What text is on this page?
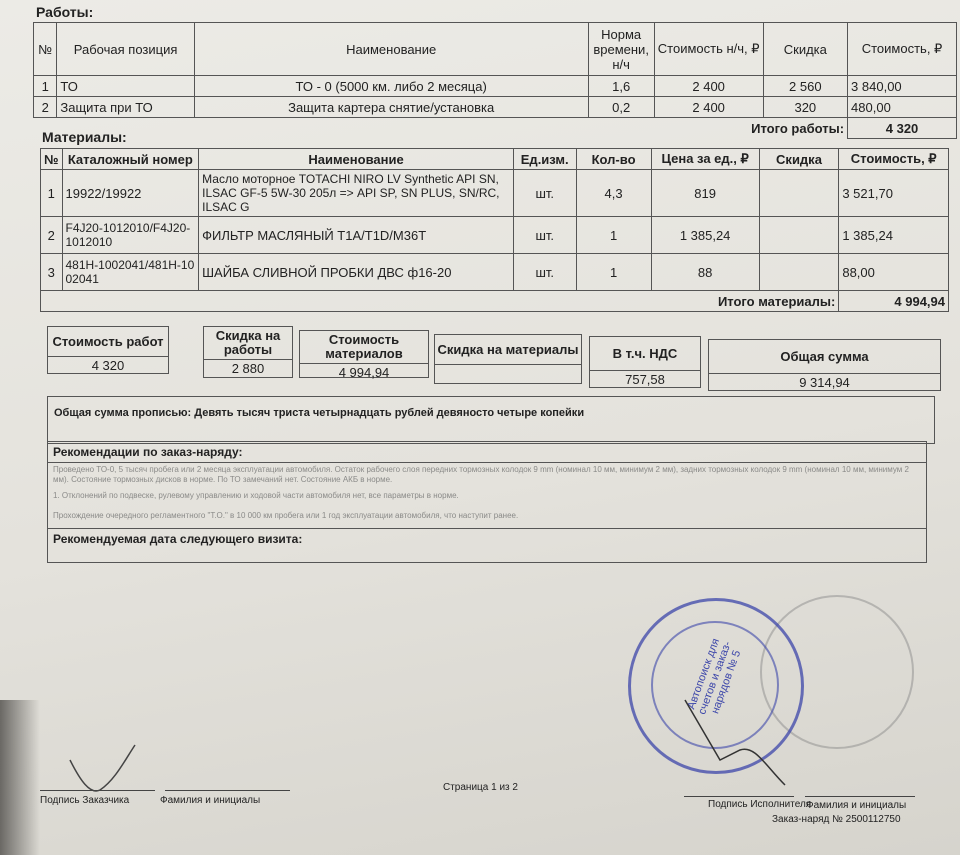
Работы:
№	Рабочая позиция	Наименование	Норма времени, н/ч	Стоимость н/ч, ₽	Скидка	Стоимость, ₽
1	ТО	ТО - 0 (5000 км. либо 2 месяца)	1,6	2 400	2 560	3 840,00
2	Защита при ТО	Защита картера снятие/установка	0,2	2 400	320	480,00
Итого работы:						4 320
Материалы:
№	Каталожный номер	Наименование	Ед.изм.	Кол-во	Цена за ед., ₽	Скидка	Стоимость, ₽
1	19922/19922	Масло моторное TOTACHI NIRO LV Synthetic API SN, ILSAC GF-5 5W-30 205л => API SP, SN PLUS, SN/RC, ILSAC G	шт.	4,3	819		3 521,70
2	F4J20-1012010/F4J20-1012010	ФИЛЬТР МАСЛЯНЫЙ T1A/T1D/M36T	шт.	1	1 385,24		1 385,24
3	481H-1002041/481H-1002041	ШАЙБА СЛИВНОЙ ПРОБКИ ДВС ф16-20	шт.	1	88		88,00
Итого материалы:							4 994,94
Стоимость работ
4 320
Скидка на работы
2 880
Стоимость материалов
4 994,94
Скидка на материалы	В т.ч. НДС
757,58
Общая сумма
9 314,94
Общая сумма прописью: Девять тысяч триста четырнадцать рублей девяносто четыре копейки
Рекомендации по заказ-наряду:
Проведено ТО-0, 5 тысяч пробега или 2 месяца эксплуатации автомобиля. Остаток рабочего слоя передних тормозных колодок 9 mm (номинал 10 мм, минимум 2 мм), задних тормозных колодок 9 mm (номинал 10 мм, минимум 2 мм). Состояние тормозных дисков в норме. По ТО замечаний нет. Состояние АКБ в норме.
1. Отклонений по подвеске, рулевому управлению и ходовой части автомобиля нет, все параметры в норме.
Прохождение очередного регламентного "Т.О." в 10 000 км пробега или 1 год эксплуатации автомобиля, что наступит ранее.
Рекомендуемая дата следующего визита:
Автопоиск для счетов и заказ-нарядов № 5
Подпись Заказчика	Фамилия и инициалы
Страница 1 из 2
Подпись Исполнителя
Фамилия и инициалы
Заказ-наряд № 2500112750
